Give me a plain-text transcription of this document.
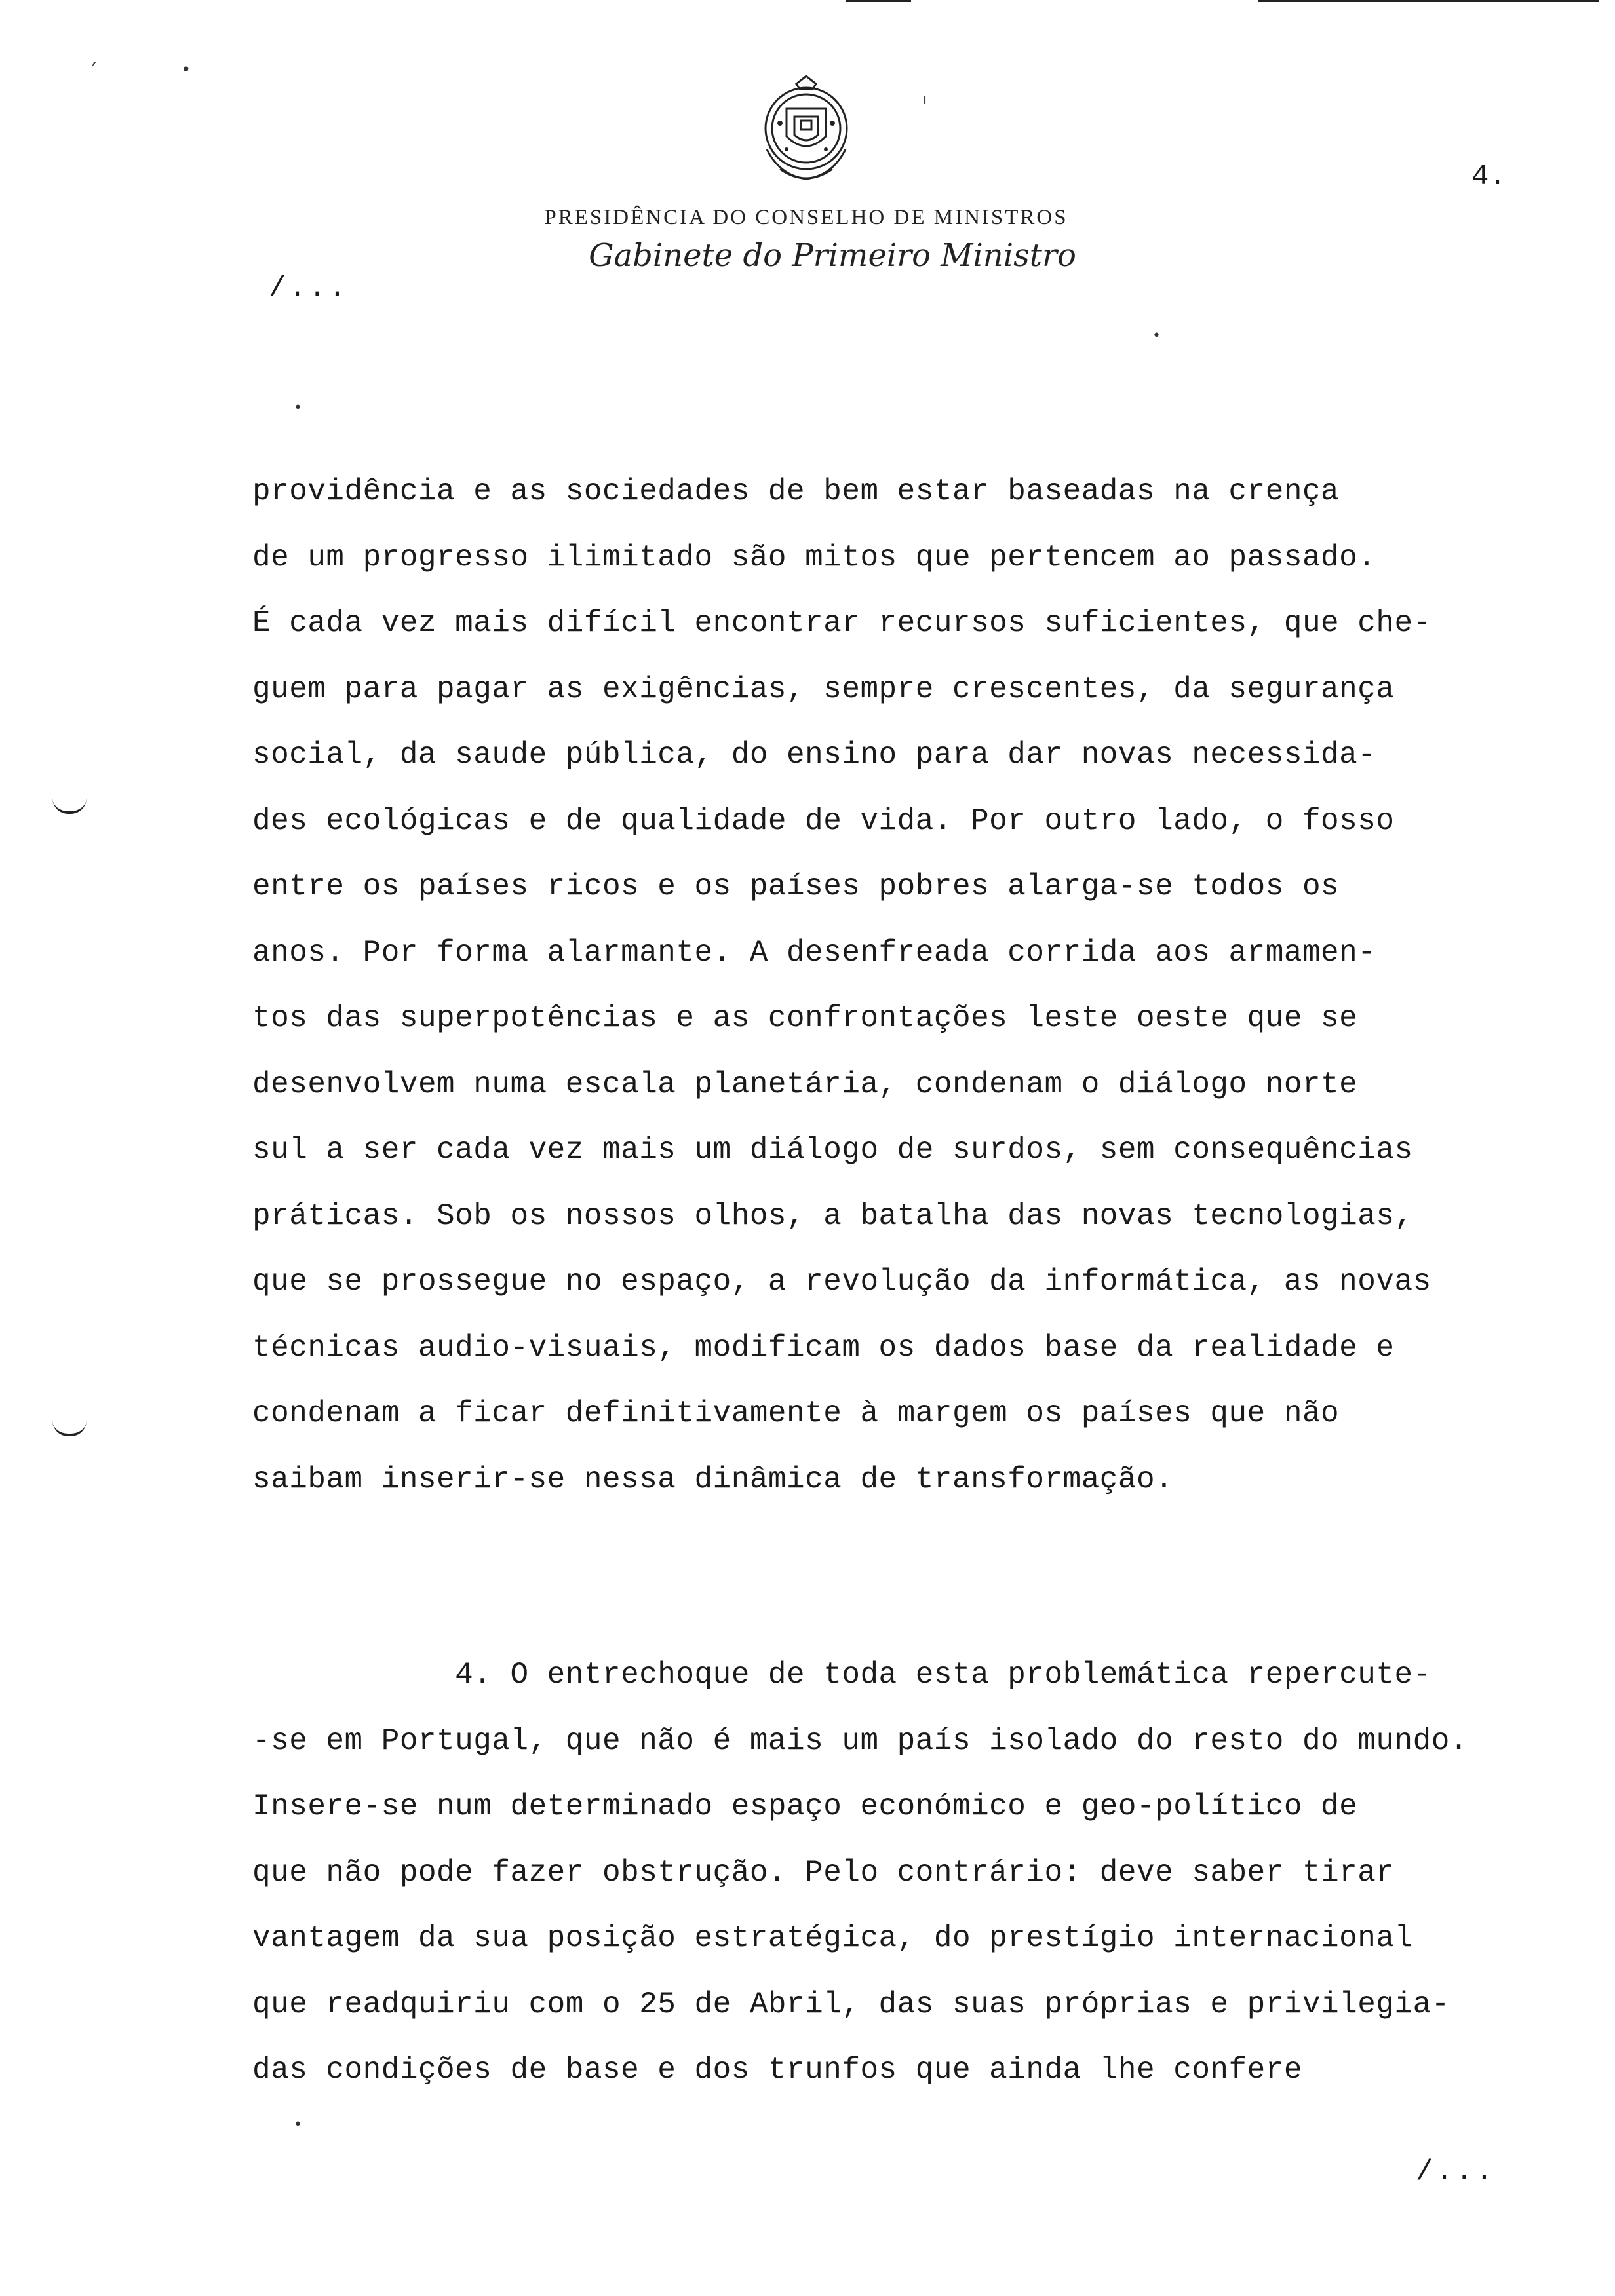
PRESIDÊNCIA DO CONSELHO DE MINISTROS
Gabinete do Primeiro Ministro
4.
/...
′	•
ı
•
•
•
providência e as sociedades de bem estar baseadas na crença
de um progresso ilimitado são mitos que pertencem ao passado.
É cada vez mais difícil encontrar recursos suficientes, que che-
guem para pagar as exigências, sempre crescentes, da segurança
social, da saude pública, do ensino para dar novas necessida-
des ecológicas e de qualidade de vida. Por outro lado, o fosso
entre os países ricos e os países pobres alarga-se todos os
anos. Por forma alarmante. A desenfreada corrida aos armamen-
tos das superpotências e as confrontações leste oeste que se
desenvolvem numa escala planetária, condenam o diálogo norte
sul a ser cada vez mais um diálogo de surdos, sem consequências
práticas. Sob os nossos olhos, a batalha das novas tecnologias,
que se prossegue no espaço, a revolução da informática, as novas
técnicas audio-visuais, modificam os dados base da realidade e
condenam a ficar definitivamente à margem os países que não
saibam inserir-se nessa dinâmica de transformação.
4. O entrechoque de toda esta problemática repercute-
-se em Portugal, que não é mais um país isolado do resto do mundo.
Insere-se num determinado espaço económico e geo-político de
que não pode fazer obstrução. Pelo contrário: deve saber tirar
vantagem da sua posição estratégica, do prestígio internacional
que readquiriu com o 25 de Abril, das suas próprias e privilegia-
das condições de base e dos trunfos que ainda lhe confere
/...
